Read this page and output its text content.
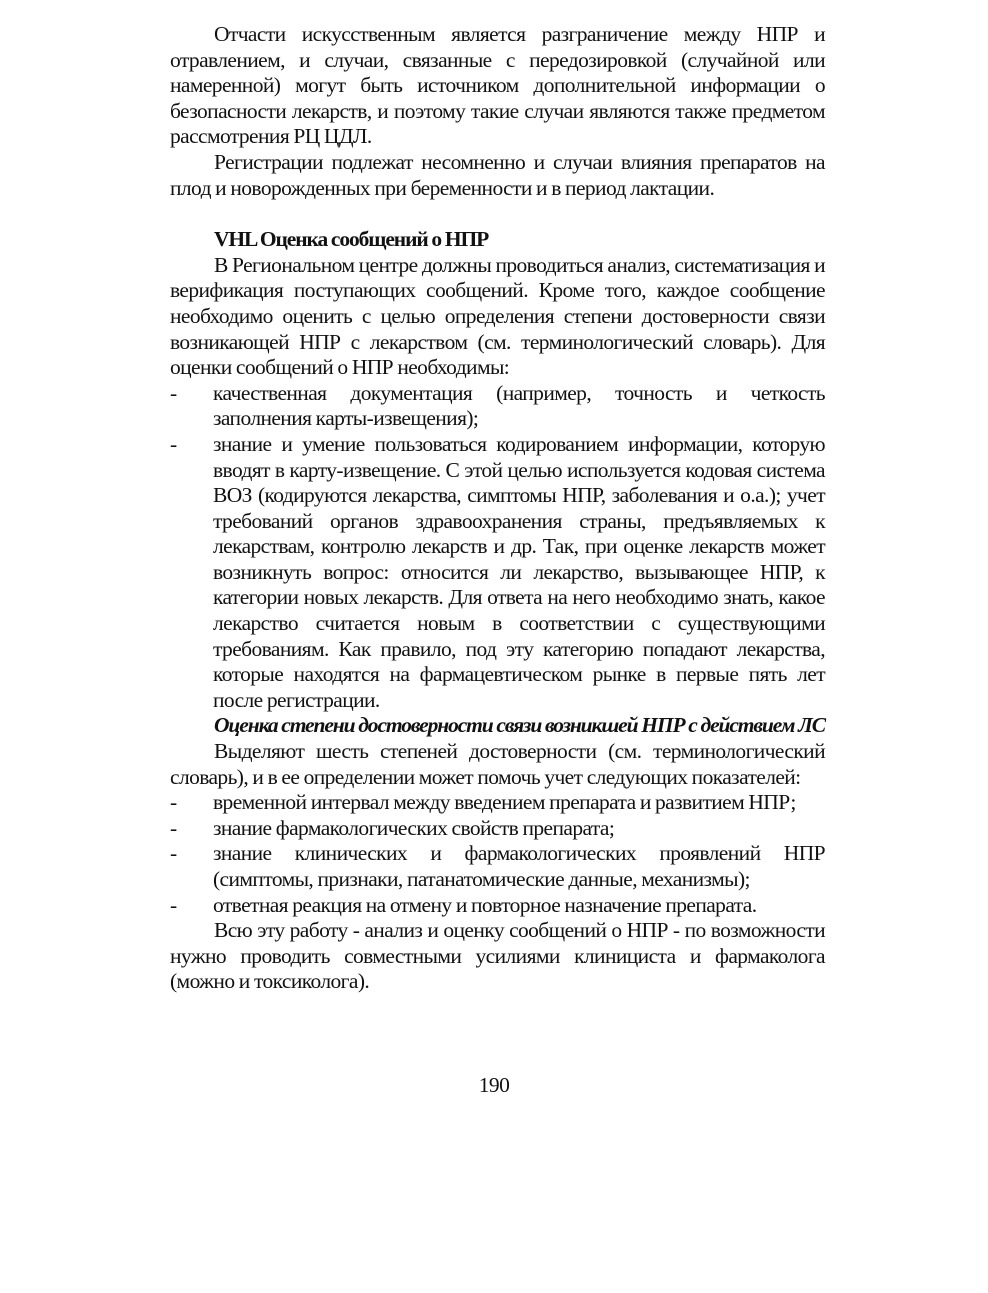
Отчасти искусственным является разграничение между НПР и отравлением, и случаи, связанные с передозировкой (случайной или намеренной) могут быть источником дополнительной информации о безопасности лекарств, и поэтому такие случаи являются также предметом рассмотрения РЦ ЦДЛ.

Регистрации подлежат несомненно и случаи влияния препаратов на плод и новорожденных при беременности и в период лактации.

VHL Оценка сообщений о НПР

В Региональном центре должны проводиться анализ, систематизация и верификация поступающих сообщений. Кроме того, каждое сообщение необходимо оценить с целью определения степени достоверности связи возникающей НПР с лекарством (см. терминологический словарь). Для оценки сообщений о НПР необходимы:

- качественная документация (например, точность и четкость заполнения карты-извещения);
- знание и умение пользоваться кодированием информации, которую вводят в карту-извещение. С этой целью используется кодовая система ВОЗ (кодируются лекарства, симптомы НПР, заболевания и о.а.); учет требований органов здравоохранения страны, предъявляемых к лекарствам, контролю лекарств и др. Так, при оценке лекарств может возникнуть вопрос: относится ли лекарство, вызывающее НПР, к категории новых лекарств. Для ответа на него необходимо знать, какое лекарство считается новым в соответствии с существующими требованиям. Как правило, под эту категорию попадают лекарства, которые находятся на фармацевтическом рынке в первые пять лет после регистрации.

Оценка степени достоверности связи возникшей НПР с действием ЛС

Выделяют шесть степеней достоверности (см. терминологический словарь), и в ее определении может помочь учет следующих показателей:

- временной интервал между введением препарата и развитием НПР;
- знание фармакологических свойств препарата;
- знание клинических и фармакологических проявлений НПР (симптомы, признаки, патанатомические данные, механизмы);
- ответная реакция на отмену и повторное назначение препарата.

Всю эту работу - анализ и оценку сообщений о НПР - по возможности нужно проводить совместными усилиями клинициста и фармаколога (можно и токсиколога).

190
